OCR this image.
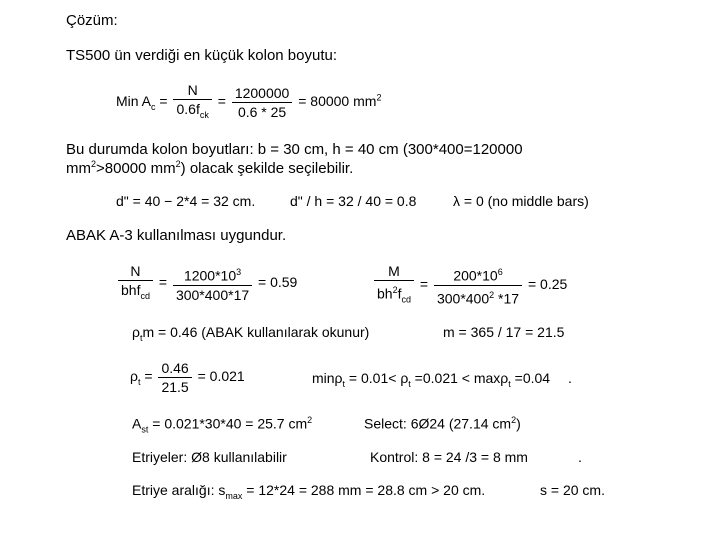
Çözüm:
TS500 ün verdiği en küçük kolon boyutu:
Min $A_c = \frac{N}{0.6f_{ck}} = \frac{1200000}{0.6 * 25} = 80000$ $mm^2$
Bu durumda kolon boyutları: b = 30 cm, h = 40 cm (300*400=120000
$mm^2>80000$ $mm^2$) olacak şekilde seçilebilir.
d" = 40 − 2*4 = 32 cm. d" / h = 32 / 40 = 0.8	λ = 0 (no middle bars)
ABAK A-3 kullanılması uygundur.
$\frac{N}{bhf_{cd}} = \frac{1200*10^3}{300*400*17} = 0.59$	$\frac{M}{bh^2f_{cd}} = \frac{200*10^6}{300*400^2 *17} = 0.25$
$\rho_tm = 0.46$ (ABAK kullanılarak okunur)	m = 365 / 17 = 21.5
$\rho_t = \frac{0.46}{21.5} = 0.021$	$\min\rho_t = 0.01< \rho_t =0.021 < \max\rho_t =0.04$ .
$A_{st} = 0.021*30*40 = 25.7$ $cm^2$	Select: 6Ø24 (27.14 $cm^2$)
Etriyeler: Ø8 kullanılabilir	Kontrol: 8 = 24 /3 = 8 mm	.
Etriye aralığı: $s_{max} = 12*24 = 288$ mm = 28.8 cm > 20 cm.	s = 20 cm.
